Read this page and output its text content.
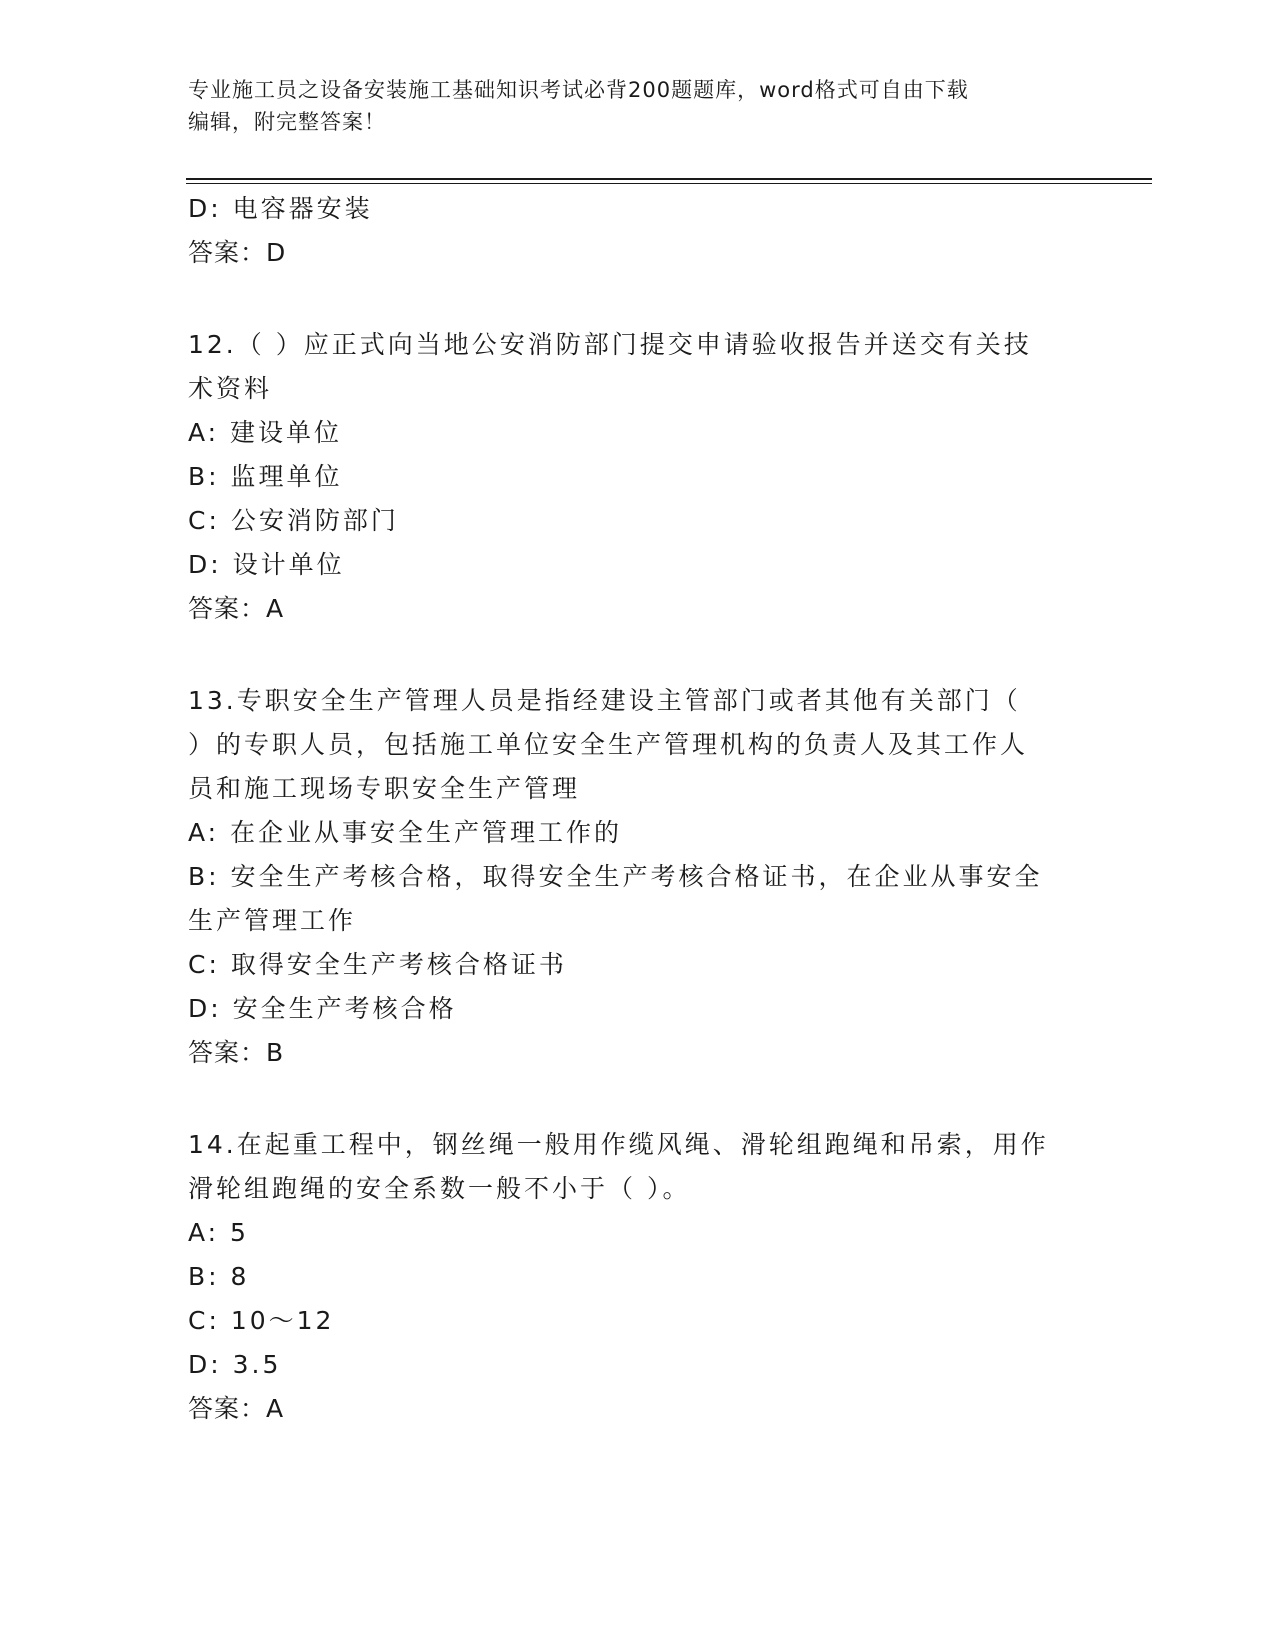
专业施工员之设备安装施工基础知识考试必背200题题库，word格式可自由下载
编辑，附完整答案！
D: 电容器安装
答案：D
12.（ ）应正式向当地公安消防部门提交申请验收报告并送交有关技
术资料
A: 建设单位
B: 监理单位
C: 公安消防部门
D: 设计单位
答案：A
13.专职安全生产管理人员是指经建设主管部门或者其他有关部门（
）的专职人员，包括施工单位安全生产管理机构的负责人及其工作人
员和施工现场专职安全生产管理
A: 在企业从事安全生产管理工作的
B: 安全生产考核合格，取得安全生产考核合格证书，在企业从事安全
生产管理工作
C: 取得安全生产考核合格证书
D: 安全生产考核合格
答案：B
14.在起重工程中，钢丝绳一般用作缆风绳、滑轮组跑绳和吊索，用作
滑轮组跑绳的安全系数一般不小于（ ）。
A: 5
B: 8
C: 10～12
D: 3.5
答案：A
